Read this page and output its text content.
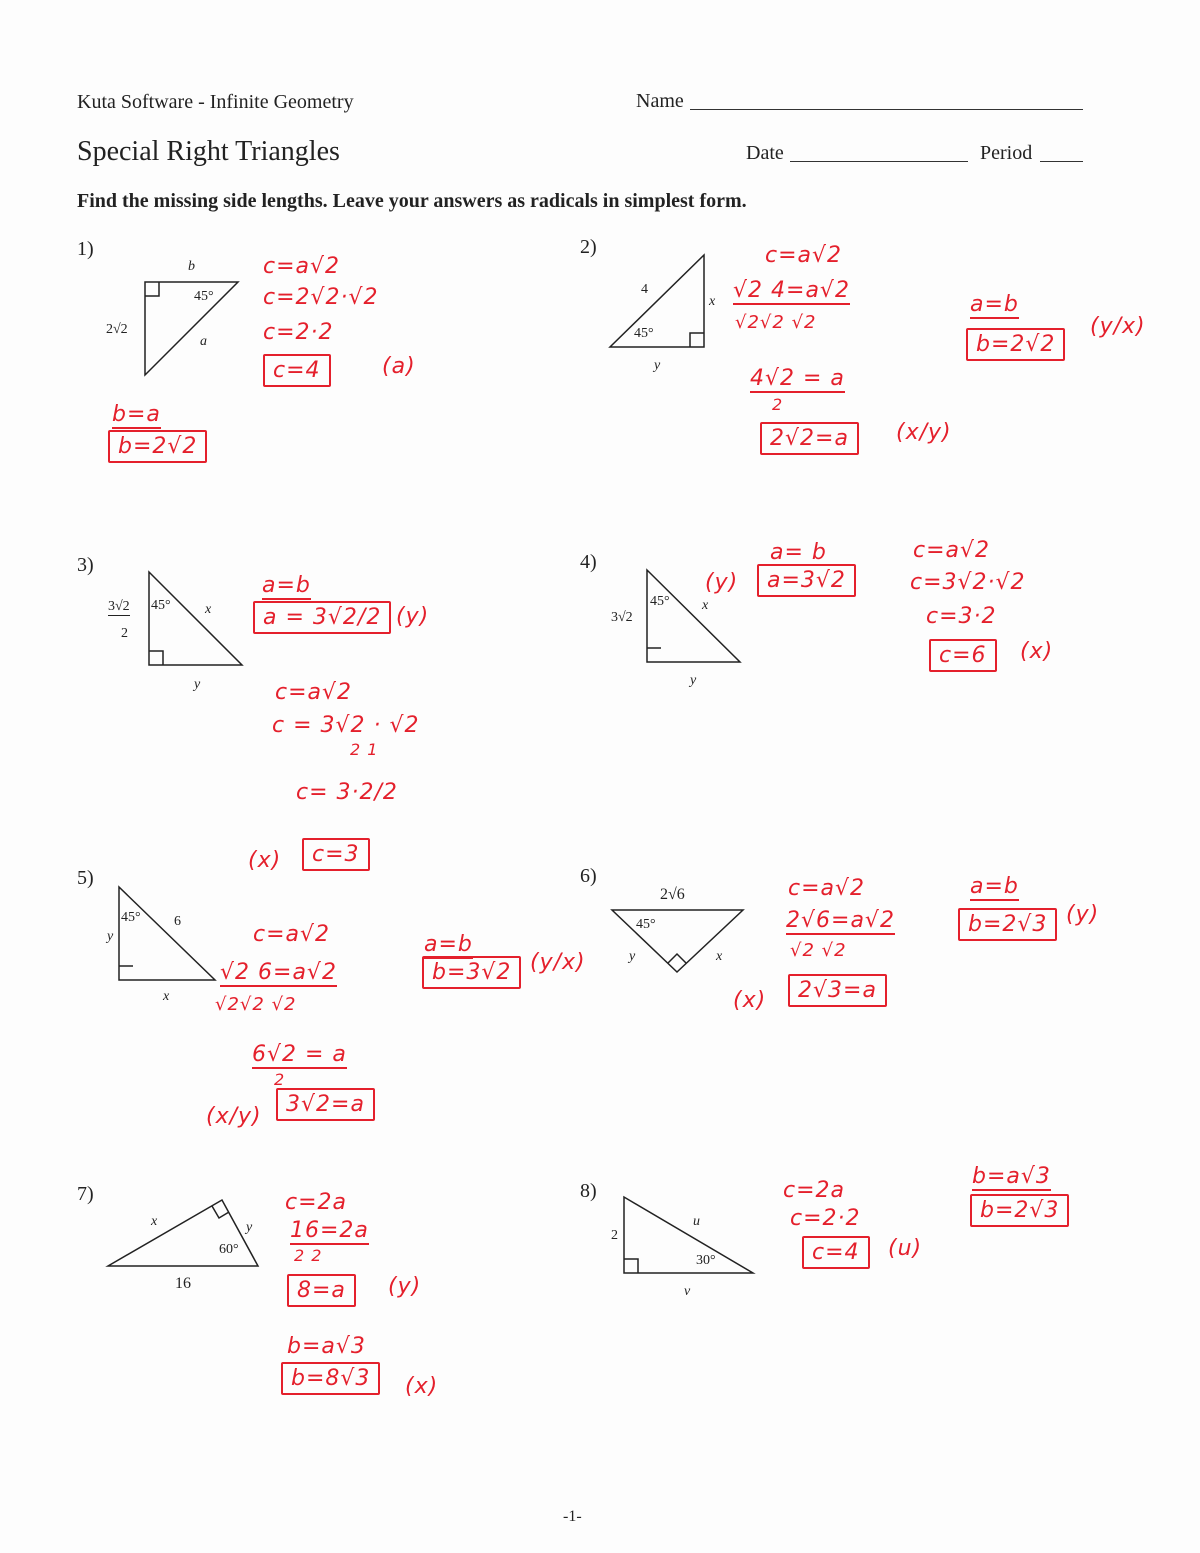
Kuta Software - Infinite Geometry	Name
Special Right Triangles	Date	Period
Find the missing side lengths. Leave your answers as radicals in simplest form.
1)	2)
3)	4)
5)	6)
7)	8)
b
45°
2√2
a
4
x
45°
y
3√2
2
45° x
y
45°
3√2
x
y
45° 6
y
x
2√6
45°
y	x
x	y
60°
16
2
u
30°
v
c=a√2
c=2√2·√2
c=2·2
c=4	(a)
b=a
b=2√2
c=a√2
√2 4=a√2
√2√2 √2
4√2 = a
2
2√2=a	(x/y)
a=b
b=2√2
(y/x)
a=b
a = 3√2/2 (y)
c=a√2
c = 3√2 · √2
2 1
c= 3·2/2
(x)	c=3
(y)
a= b
a=3√2
c=a√2
c=3√2·√2
c=3·2
c=6	(x)
c=a√2
√2 6=a√2
√2√2 √2
6√2 = a
2
(x/y)	3√2=a
a=b
b=3√2 (y/x)
c=a√2
2√6=a√2
√2 √2
(x)	2√3=a
a=b
b=2√3 (y)
c=2a
16=2a
2 2
8=a	(y)
b=a√3
b=8√3	(x)
c=2a
c=2·2
c=4	(u)
b=a√3
b=2√3
-1-
